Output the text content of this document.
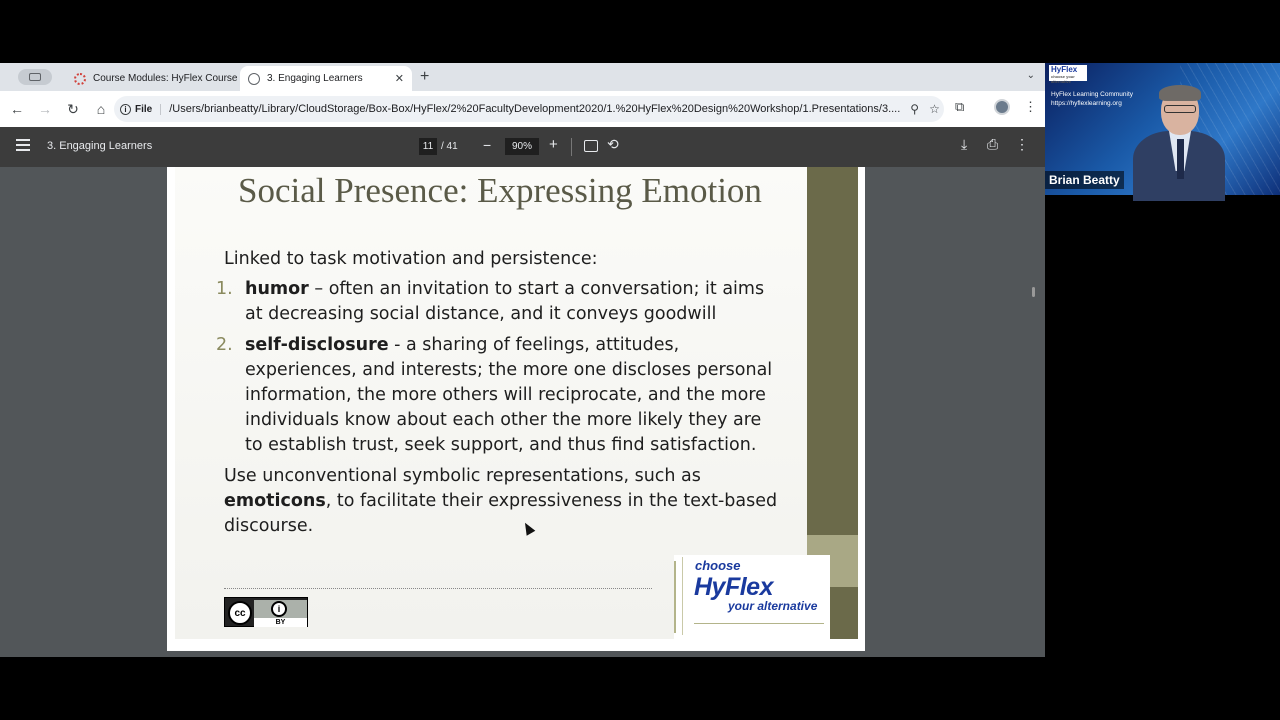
Course Modules: HyFlex Course	3. Engaging Learners	✕ +	⌄
←	→	↻	⌂	i File /Users/brianbeatty/Library/CloudStorage/Box-Box/HyFlex/2%20FacultyDevelopment2020/1.%20HyFlex%20Design%20Workshop/1.Presentations/3.... ⚲ ☆ ⧉	⋮
3. Engaging Learners	11 / 41 −	90%	+	⟲	⤓ ⎙ ⋮
Social Presence: Expressing Emotion
Linked to task motivation and persistence:
1. humor – often an invitation to start a conversation; it aims at decreasing social distance, and it conveys goodwill
2. self-disclosure - a sharing of feelings, attitudes, experiences, and interests; the more one discloses personal information, the more others will reciprocate, and the more individuals know about each other the more likely they are to establish trust, seek support, and thus find satisfaction.
Use unconventional symbolic representations, such as emoticons, to facilitate their expressiveness in the text-based discourse.
cc	i
BY
choose
HyFlex
your alternative
HyFlex
choose your alternative
HyFlex Learning Community
https://hyflexlearning.org
Brian Beatty
